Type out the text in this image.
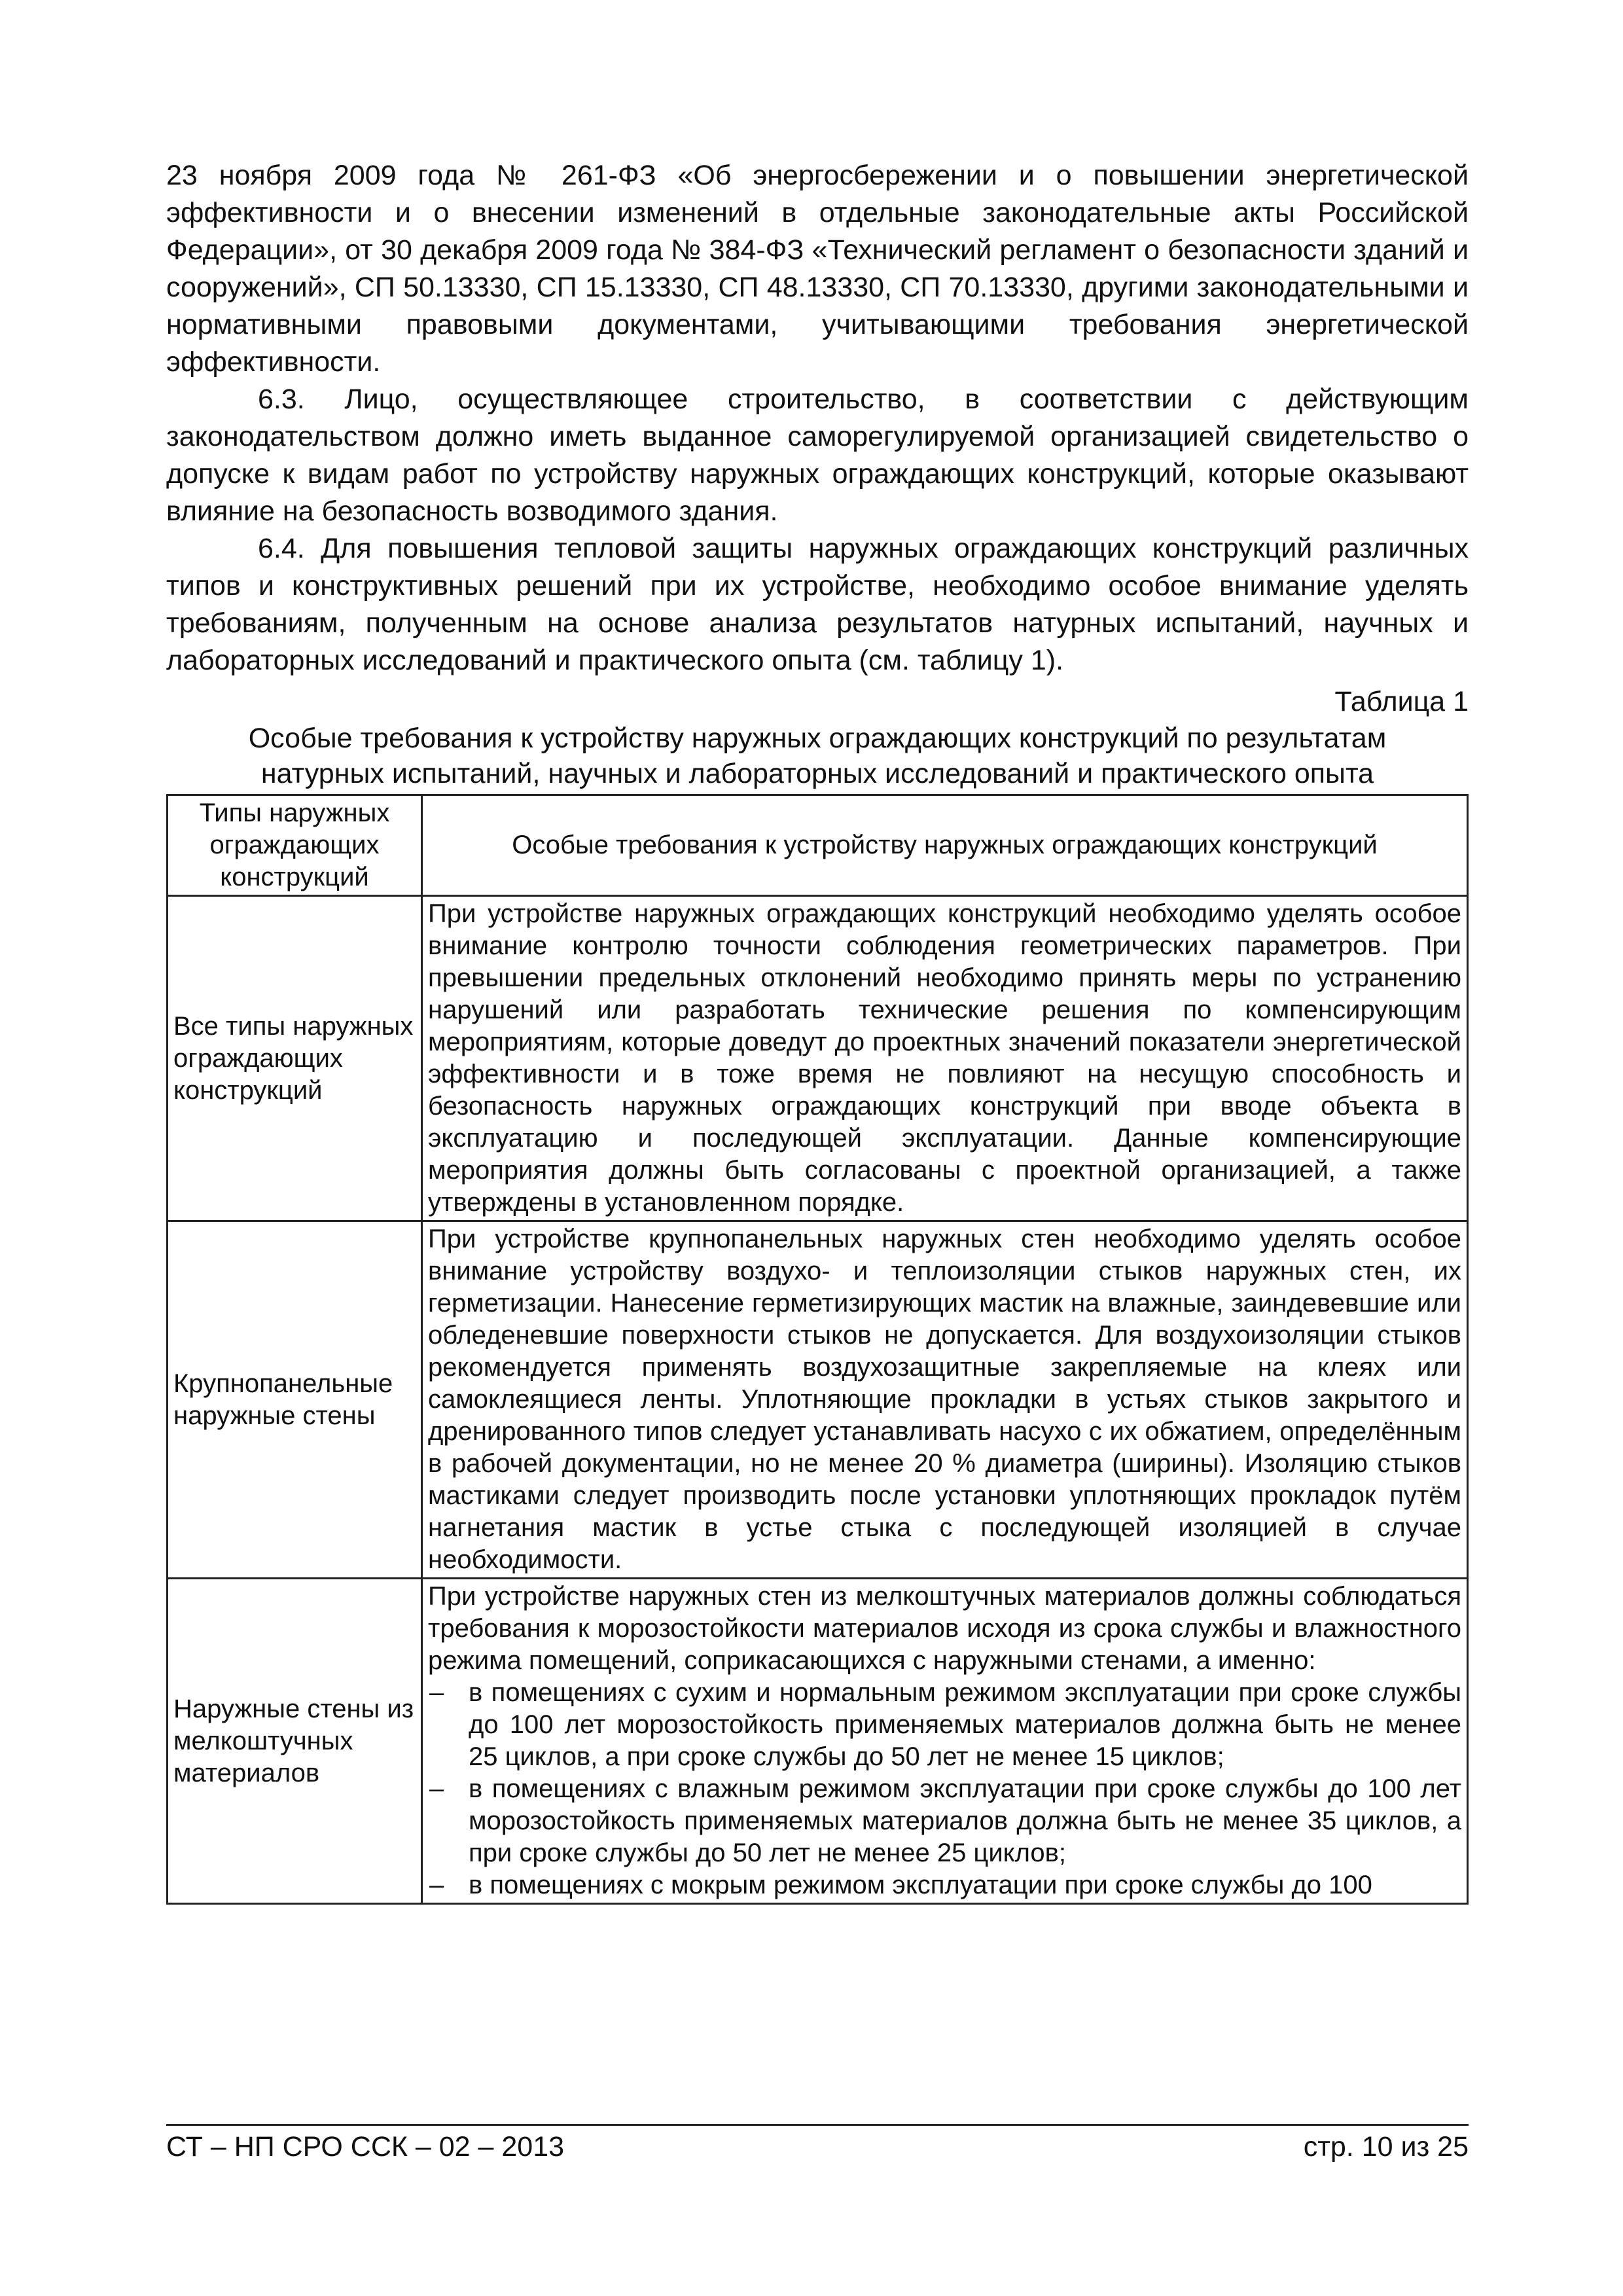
23 ноября 2009 года № 261-ФЗ «Об энергосбережении и о повышении энергетической эффективности и о внесении изменений в отдельные законодательные акты Российской Федерации», от 30 декабря 2009 года № 384-ФЗ «Технический регламент о безопасности зданий и сооружений», СП 50.13330, СП 15.13330, СП 48.13330, СП 70.13330, другими законодательными и нормативными правовыми документами, учитывающими требования энергетической эффективности.

6.3. Лицо, осуществляющее строительство, в соответствии с действующим законодательством должно иметь выданное саморегулируемой организацией свидетельство о допуске к видам работ по устройству наружных ограждающих конструкций, которые оказывают влияние на безопасность возводимого здания.

6.4. Для повышения тепловой защиты наружных ограждающих конструкций различных типов и конструктивных решений при их устройстве, необходимо особое внимание уделять требованиям, полученным на основе анализа результатов натурных испытаний, научных и лабораторных исследований и практического опыта (см. таблицу 1).

Таблица 1

Особые требования к устройству наружных ограждающих конструкций по результатам натурных испытаний, научных и лабораторных исследований и практического опыта

Типы наружных ограждающих конструкций	Особые требования к устройству наружных ограждающих конструкций
Все типы наружных ограждающих конструкций	При устройстве наружных ограждающих конструкций необходимо уделять особое внимание контролю точности соблюдения геометрических параметров. При превышении предельных отклонений необходимо принять меры по устранению нарушений или разработать технические решения по компенсирующим мероприятиям, которые доведут до проектных значений показатели энергетической эффективности и в тоже время не повлияют на несущую способность и безопасность наружных ограждающих конструкций при вводе объекта в эксплуатацию и последующей эксплуатации. Данные компенсирующие мероприятия должны быть согласованы с проектной организацией, а также утверждены в установленном порядке.
Крупнопанельные наружные стены	При устройстве крупнопанельных наружных стен необходимо уделять особое внимание устройству воздухо- и теплоизоляции стыков наружных стен, их герметизации. Нанесение герметизирующих мастик на влажные, заиндевевшие или обледеневшие поверхности стыков не допускается. Для воздухоизоляции стыков рекомендуется применять воздухозащитные закрепляемые на клеях или самоклеящиеся ленты. Уплотняющие прокладки в устьях стыков закрытого и дренированного типов следует устанавливать насухо с их обжатием, определённым в рабочей документации, но не менее 20 % диаметра (ширины). Изоляцию стыков мастиками следует производить после установки уплотняющих прокладок путём нагнетания мастик в устье стыка с последующей изоляцией в случае необходимости.
Наружные стены из мелкоштучных материалов	При устройстве наружных стен из мелкоштучных материалов должны соблюдаться требования к морозостойкости материалов исходя из срока службы и влажностного режима помещений, соприкасающихся с наружными стенами, а именно:
– в помещениях с сухим и нормальным режимом эксплуатации при сроке службы до 100 лет морозостойкость применяемых материалов должна быть не менее 25 циклов, а при сроке службы до 50 лет не менее 15 циклов;
– в помещениях с влажным режимом эксплуатации при сроке службы до 100 лет морозостойкость применяемых материалов должна быть не менее 35 циклов, а при сроке службы до 50 лет не менее 25 циклов;
– в помещениях с мокрым режимом эксплуатации при сроке службы до 100
СТ – НП СРО ССК – 02 – 2013	стр. 10 из 25
